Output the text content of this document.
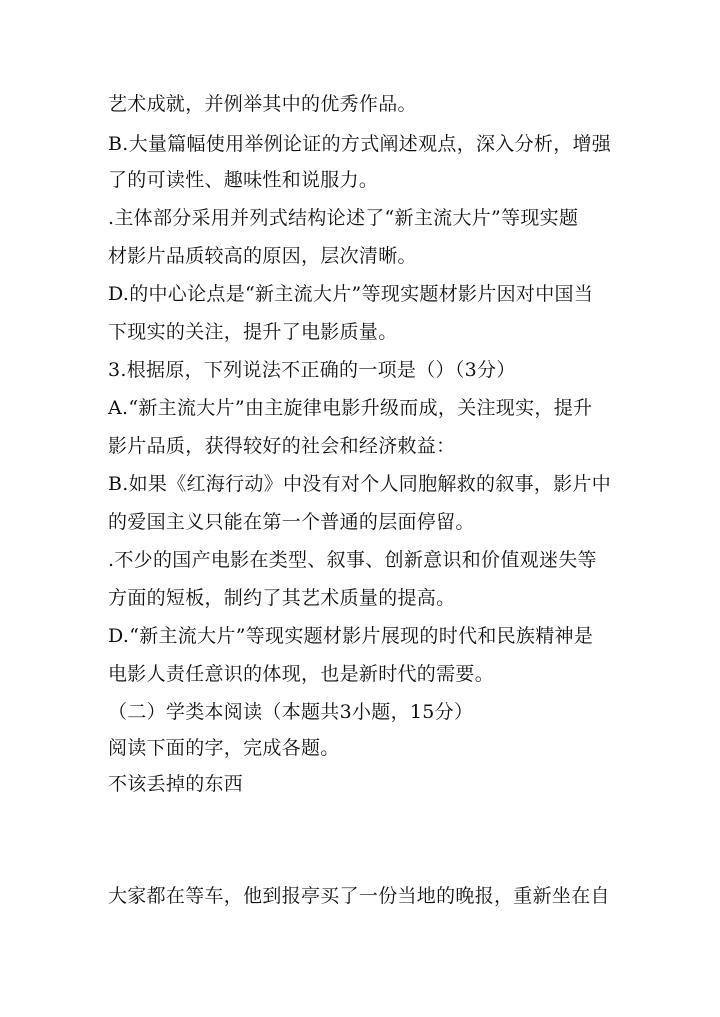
艺术成就，并例举其中的优秀作品。
B.大量篇幅使用举例论证的方式阐述观点，深入分析，增强
了的可读性、趣味性和说服力。
.主体部分采用并列式结构论述了“新主流大片”等现实题
材影片品质较高的原因，层次清晰。
D.的中心论点是“新主流大片”等现实题材影片因对中国当
下现实的关注，提升了电影质量。
3.根据原，下列说法不正确的一项是（）（3分）
A.“新主流大片”由主旋律电影升级而成，关注现实，提升
影片品质，获得较好的社会和经济敕益：
B.如果《红海行动》中没有对个人同胞解救的叙事，影片中
的爱国主义只能在第一个普通的层面停留。
.不少的国产电影在类型、叙事、创新意识和价值观迷失等
方面的短板，制约了其艺术质量的提高。
D.“新主流大片”等现实题材影片展现的时代和民族精神是
电影人责任意识的体现，也是新时代的需要。
（二）学类本阅读（本题共3小题，15分）
阅读下面的字，完成各题。
不该丢掉的东西
大家都在等车，他到报亭买了一份当地的晚报，重新坐在自
